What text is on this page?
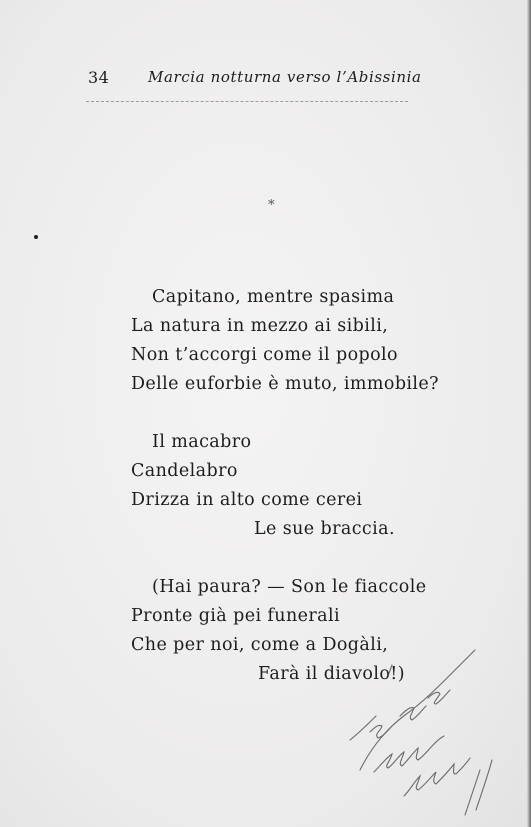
34	Marcia notturna verso l’Abissinia
*
Capitano, mentre spasima
La natura in mezzo ai sibili,
Non t’accorgi come il popolo
Delle euforbie è muto, immobile?
Il macabro
Candelabro
Drizza in alto come cerei
Le sue braccia.
(Hai paura? — Son le fiaccole
Pronte già pei funerali
Che per noi, come a Dogàli,
Farà il diavolo!)
